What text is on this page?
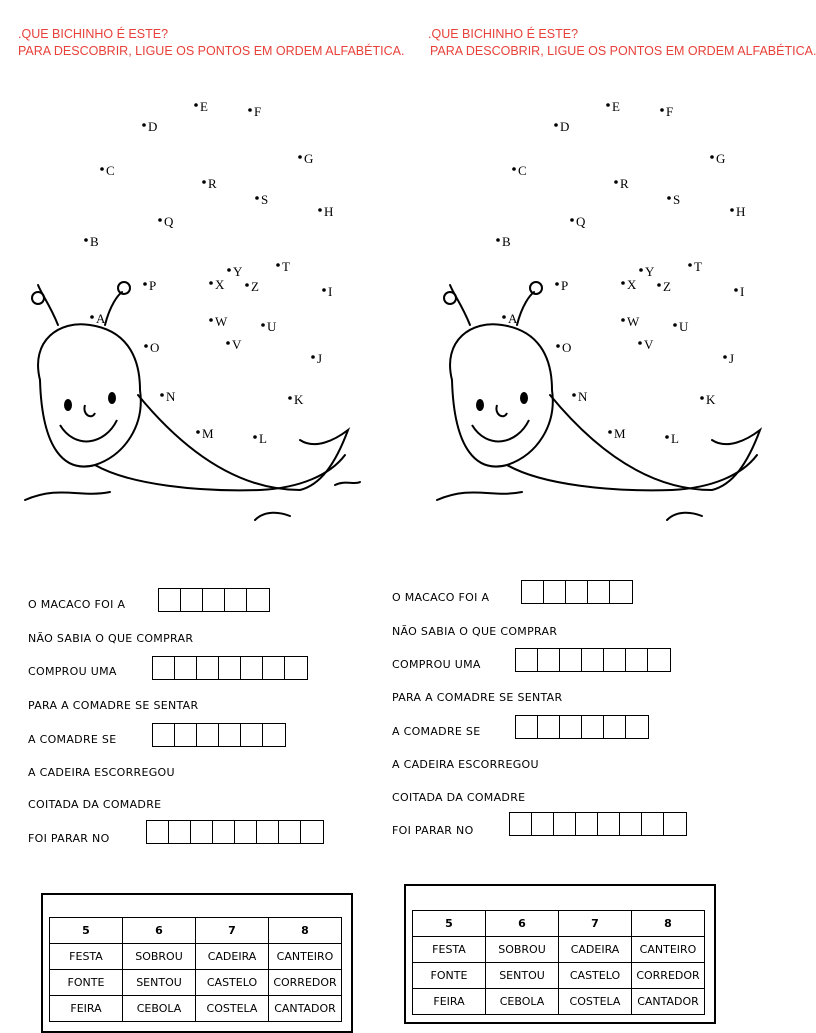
.QUE BICHINHO É ESTE?
PARA DESCOBRIR, LIGUE OS PONTOS EM ORDEM ALFABÉTICA.
A
B
C
D
E	F
G
H
I
J
K
L
M
N
O
P
Q
R
S
T
U
V
W
X
Y
Z
O MACACO FOI A
NÃO SABIA O QUE COMPRAR
COMPROU UMA
PARA A COMADRE SE SENTAR
A COMADRE SE
A CADEIRA ESCORREGOU
COITADA DA COMADRE
FOI PARAR NO
5	6	7	8
FESTA	SOBROU	CADEIRA	CANTEIRO
FONTE	SENTOU	CASTELO	CORREDOR
FEIRA	CEBOLA	COSTELA	CANTADOR
.QUE BICHINHO É ESTE?
PARA DESCOBRIR, LIGUE OS PONTOS EM ORDEM ALFABÉTICA.
A
B
C
D
E	F
G
H
I
J
K
L
M
N
O
P
Q
R
S
T
U
V
W
X
Y
Z
O MACACO FOI A
NÃO SABIA O QUE COMPRAR
COMPROU UMA
PARA A COMADRE SE SENTAR
A COMADRE SE
A CADEIRA ESCORREGOU
COITADA DA COMADRE
FOI PARAR NO
5	6	7	8
FESTA	SOBROU	CADEIRA	CANTEIRO
FONTE	SENTOU	CASTELO	CORREDOR
FEIRA	CEBOLA	COSTELA	CANTADOR
